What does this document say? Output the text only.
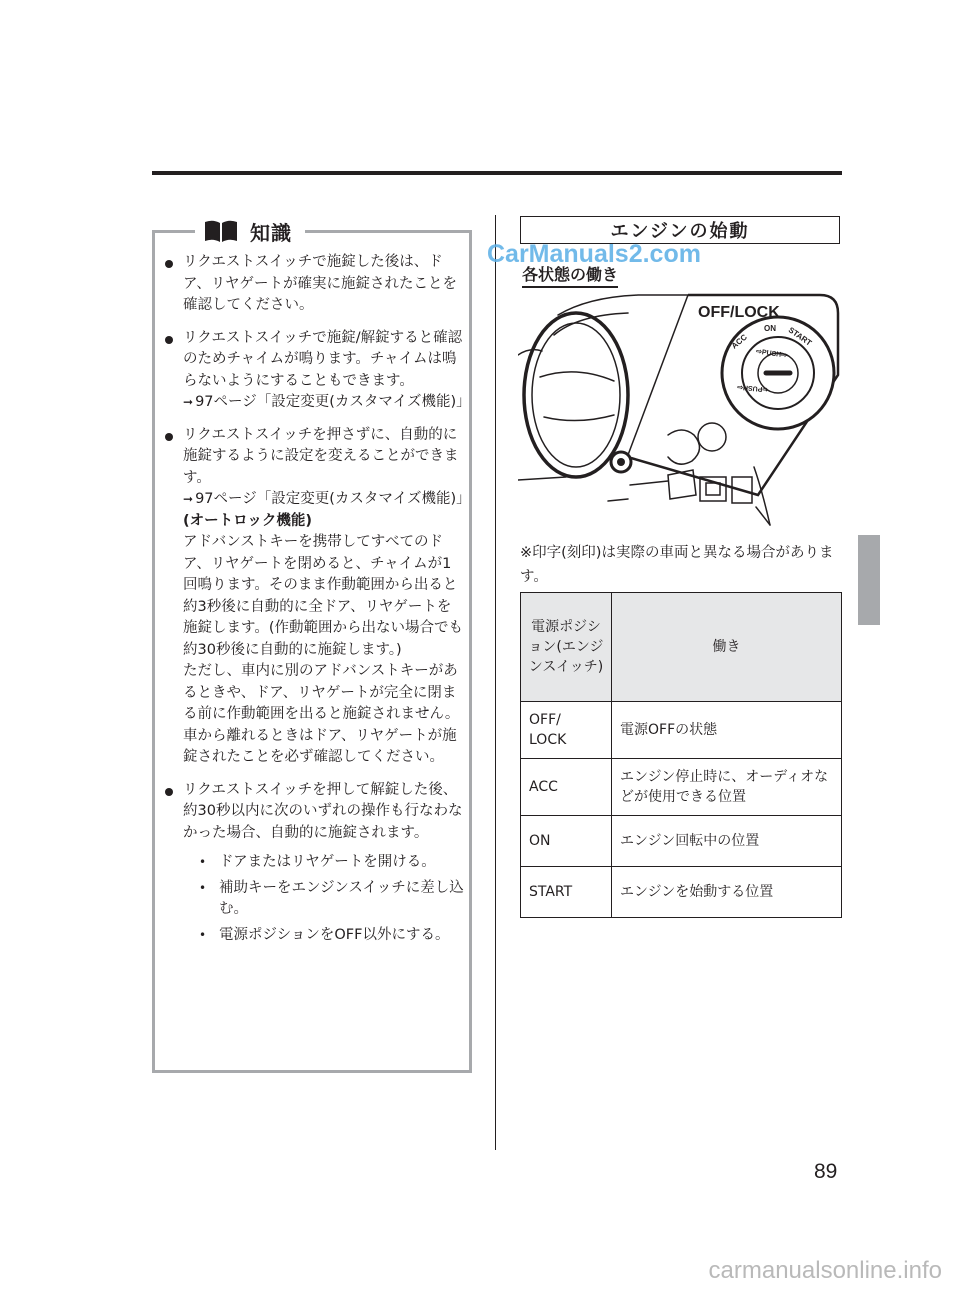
知識

リクエストスイッチで施錠した後は、ドア、リヤゲートが確実に施錠されたことを確認してください。

リクエストスイッチで施錠/解錠すると確認のためチャイムが鳴ります。チャイムは鳴らないようにすることもできます。

➞ 97ページ「設定変更(カスタマイズ機能)」

リクエストスイッチを押さずに、自動的に施錠するように設定を変えることができます。

➞ 97ページ「設定変更(カスタマイズ機能)」

(オートロック機能)

アドバンストキーを携帯してすべてのドア、リヤゲートを閉めると、チャイムが1回鳴ります。そのまま作動範囲から出ると約3秒後に自動的に全ドア、リヤゲートを施錠します。(作動範囲から出ない場合でも約30秒後に自動的に施錠します。)

ただし、車内に別のアドバンストキーがあるときや、ドア、リヤゲートが完全に閉まる前に作動範囲を出ると施錠されません。車から離れるときはドア、リヤゲートが施錠されたことを必ず確認してください。

リクエストスイッチを押して解錠した後、約30秒以内に次のいずれの操作も行なわなかった場合、自動的に施錠されます。

• ドアまたはリヤゲートを開ける。
• 補助キーをエンジンスイッチに差し込む。
• 電源ポジションをOFF以外にする。
エンジンの始動
各状態の働き
CarManuals2.com
OFF/LOCK
ACC
ON START
⇨PUSH⇨
⇦PUSH⇦

※印字(刻印)は実際の車両と異なる場合があります。

電源ポジション(エンジンスイッチ)	働き
OFF/
LOCK	電源OFFの状態
ACC	エンジン停止時に、オーディオなどが使用できる位置
ON	エンジン回転中の位置
START	エンジンを始動する位置
89
carmanualsonline.info
